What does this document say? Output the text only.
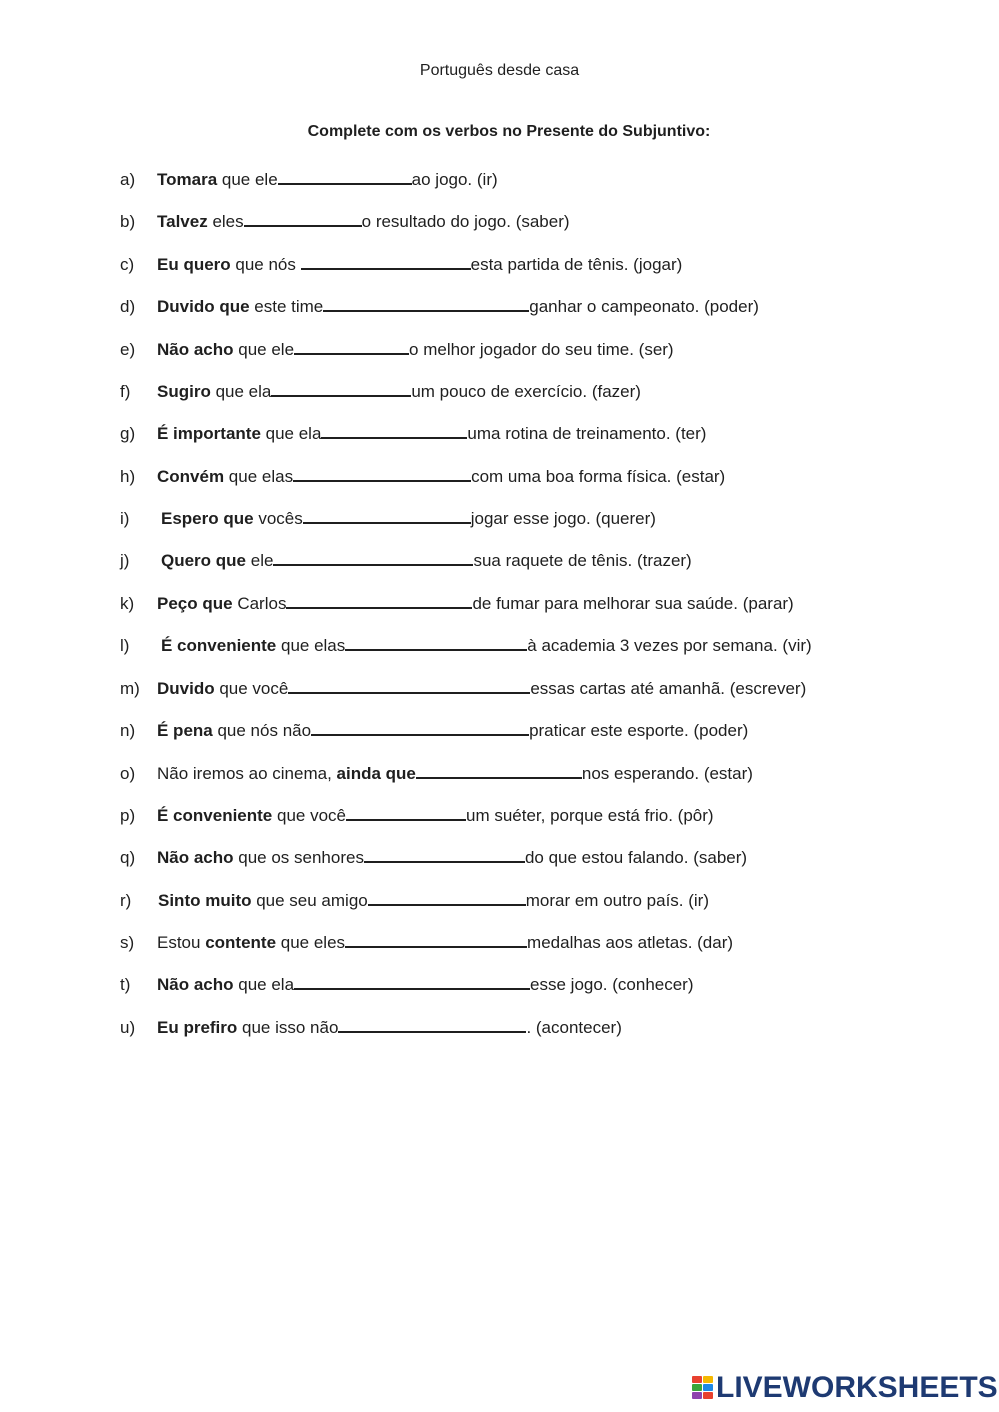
Português desde casa
Complete com os verbos no Presente do Subjuntivo:
a) Tomara que ele	ao jogo. (ir)
b) Talvez eles	o resultado do jogo. (saber)
c) Eu quero que nós	esta partida de tênis. (jogar)
d) Duvido que este time	ganhar o campeonato. (poder)
e) Não acho que ele	o melhor jogador do seu time. (ser)
f) Sugiro que ela	um pouco de exercício. (fazer)
g) É importante que ela	uma rotina de treinamento. (ter)
h) Convém que elas	com uma boa forma física. (estar)
i) Espero que vocês	jogar esse jogo. (querer)
j) Quero que ele	sua raquete de tênis. (trazer)
k) Peço que Carlos	de fumar para melhorar sua saúde. (parar)
l) É conveniente que elas	à academia 3 vezes por semana. (vir)
m) Duvido que você	essas cartas até amanhã. (escrever)
n) É pena que nós não	praticar este esporte. (poder)
o) Não iremos ao cinema, ainda que	nos esperando. (estar)
p) É conveniente que você	um suéter, porque está frio. (pôr)
q) Não acho que os senhores	do que estou falando. (saber)
r) Sinto muito que seu amigo	morar em outro país. (ir)
s) Estou contente que eles	medalhas aos atletas. (dar)
t) Não acho que ela	esse jogo. (conhecer)
u) Eu prefiro que isso não	. (acontecer)
LIVEWORKSHEETS
